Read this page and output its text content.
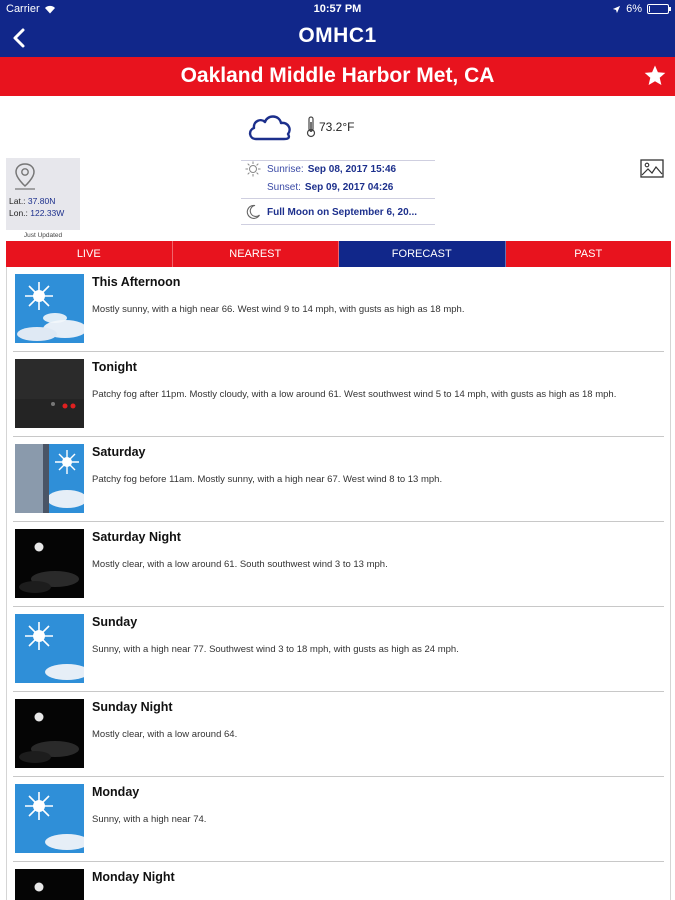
Carrier	10:57 PM	6%
OMHC1
Oakland Middle Harbor Met, CA
73.2°F
Lat.: 37.80N
Lon.: 122.33W
Just Updated
Sunrise: Sep 08, 2017 15:46
Sunset: Sep 09, 2017 04:26
Full Moon on September 6, 20...
LIVE	NEAREST	FORECAST	PAST
This Afternoon
Mostly sunny, with a high near 66. West wind 9 to 14 mph, with gusts as high as 18 mph.
Tonight
Patchy fog after 11pm. Mostly cloudy, with a low around 61. West southwest wind 5 to 14 mph, with gusts as high as 18 mph.
Saturday
Patchy fog before 11am. Mostly sunny, with a high near 67. West wind 8 to 13 mph.
Saturday Night
Mostly clear, with a low around 61. South southwest wind 3 to 13 mph.
Sunday
Sunny, with a high near 77. Southwest wind 3 to 18 mph, with gusts as high as 24 mph.
Sunday Night
Mostly clear, with a low around 64.
Monday
Sunny, with a high near 74.
Monday Night
